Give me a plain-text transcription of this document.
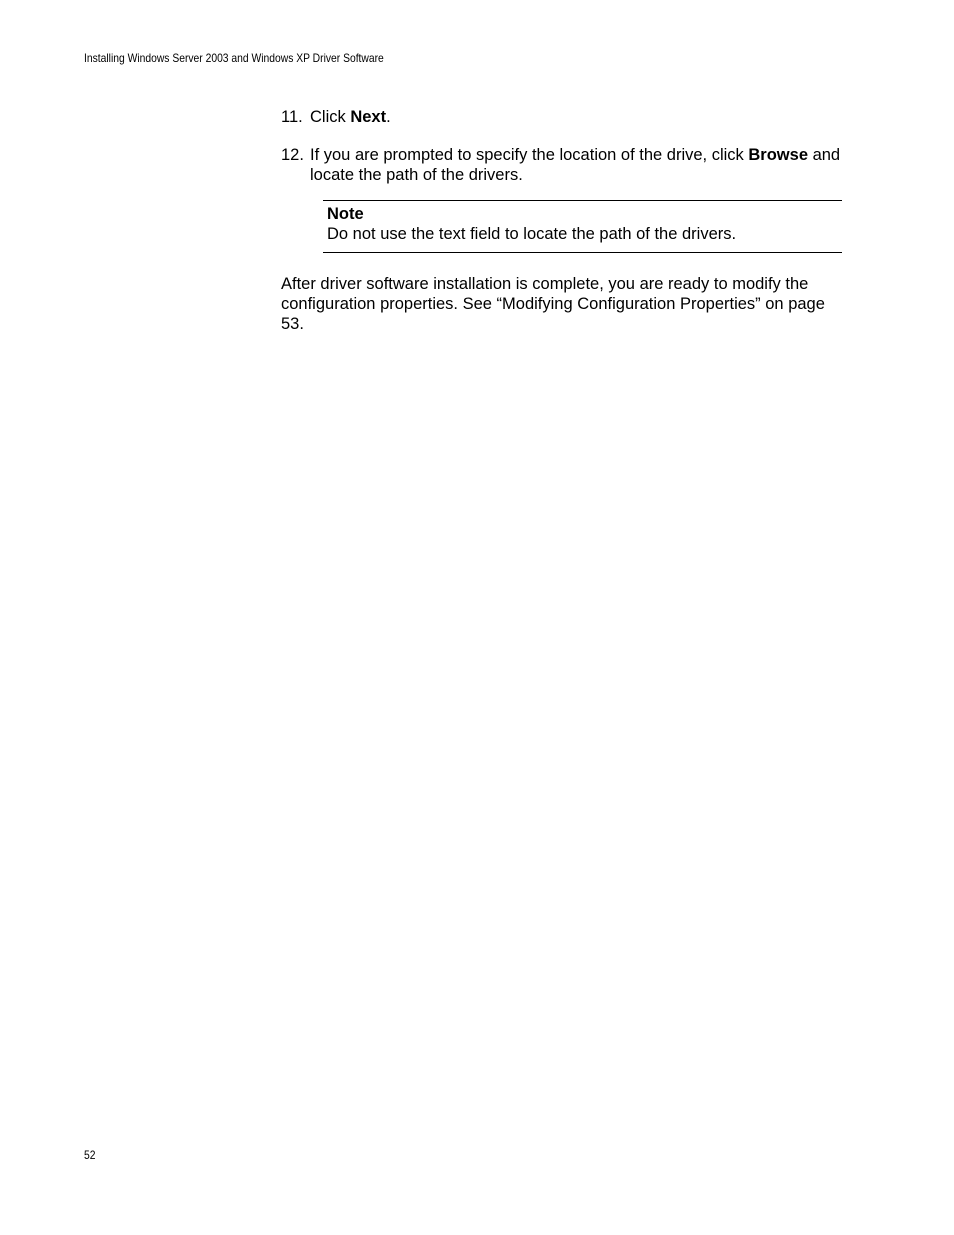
Installing Windows Server 2003 and Windows XP Driver Software

11. Click Next.

12. If you are prompted to specify the location of the drive, click Browse and locate the path of the drivers.

Note
Do not use the text field to locate the path of the drivers.

After driver software installation is complete, you are ready to modify the configuration properties. See “Modifying Configuration Properties” on page 53.

52
